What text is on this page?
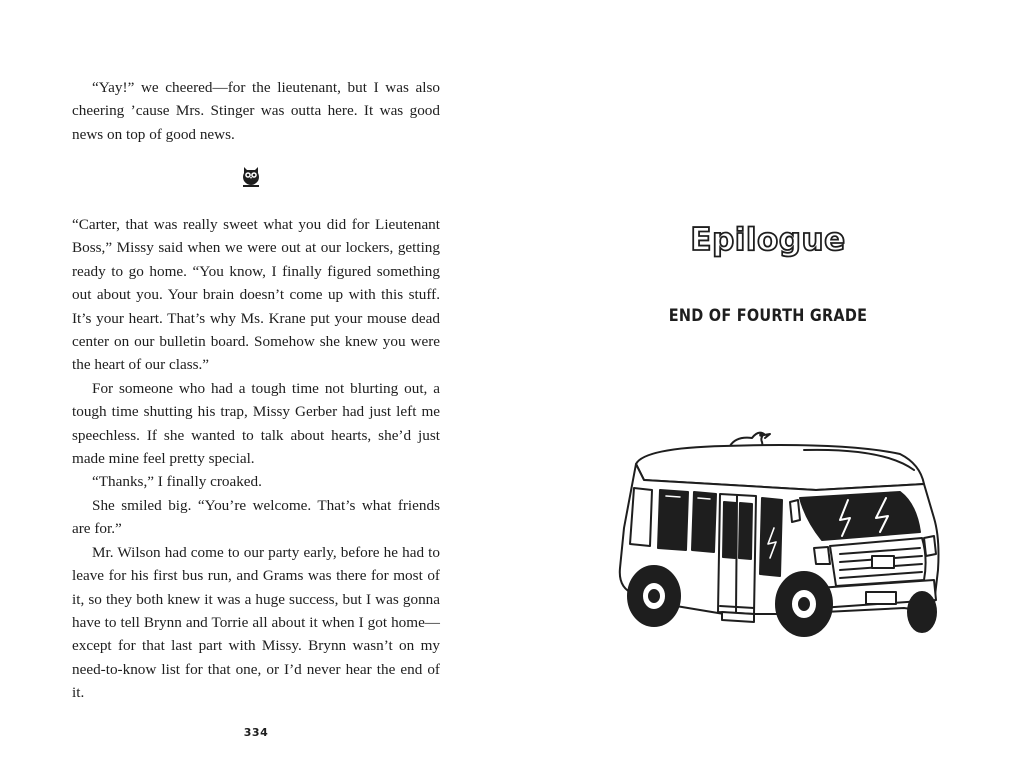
“Yay!” we cheered—for the lieutenant, but I was also cheering ’cause Mrs. Stinger was outta here. It was good news on top of good news.

“Carter, that was really sweet what you did for Lieutenant Boss,” Missy said when we were out at our lockers, getting ready to go home. “You know, I finally figured something out about you. Your brain doesn’t come up with this stuff. It’s your heart. That’s why Ms. Krane put your mouse dead center on our bulletin board. Somehow she knew you were the heart of our class.”

For someone who had a tough time not blurting out, a tough time shutting his trap, Missy Gerber had just left me speechless. If she wanted to talk about hearts, she’d just made mine feel pretty special.

“Thanks,” I finally croaked.

She smiled big. “You’re welcome. That’s what friends are for.”

Mr. Wilson had come to our party early, before he had to leave for his first bus run, and Grams was there for most of it, so they both knew it was a huge success, but I was gonna have to tell Brynn and Torrie all about it when I got home—except for that last part with Missy. Brynn wasn’t on my need-to-know list for that one, or I’d never hear the end of it.

334
Epilogue
END OF FOURTH GRADE
